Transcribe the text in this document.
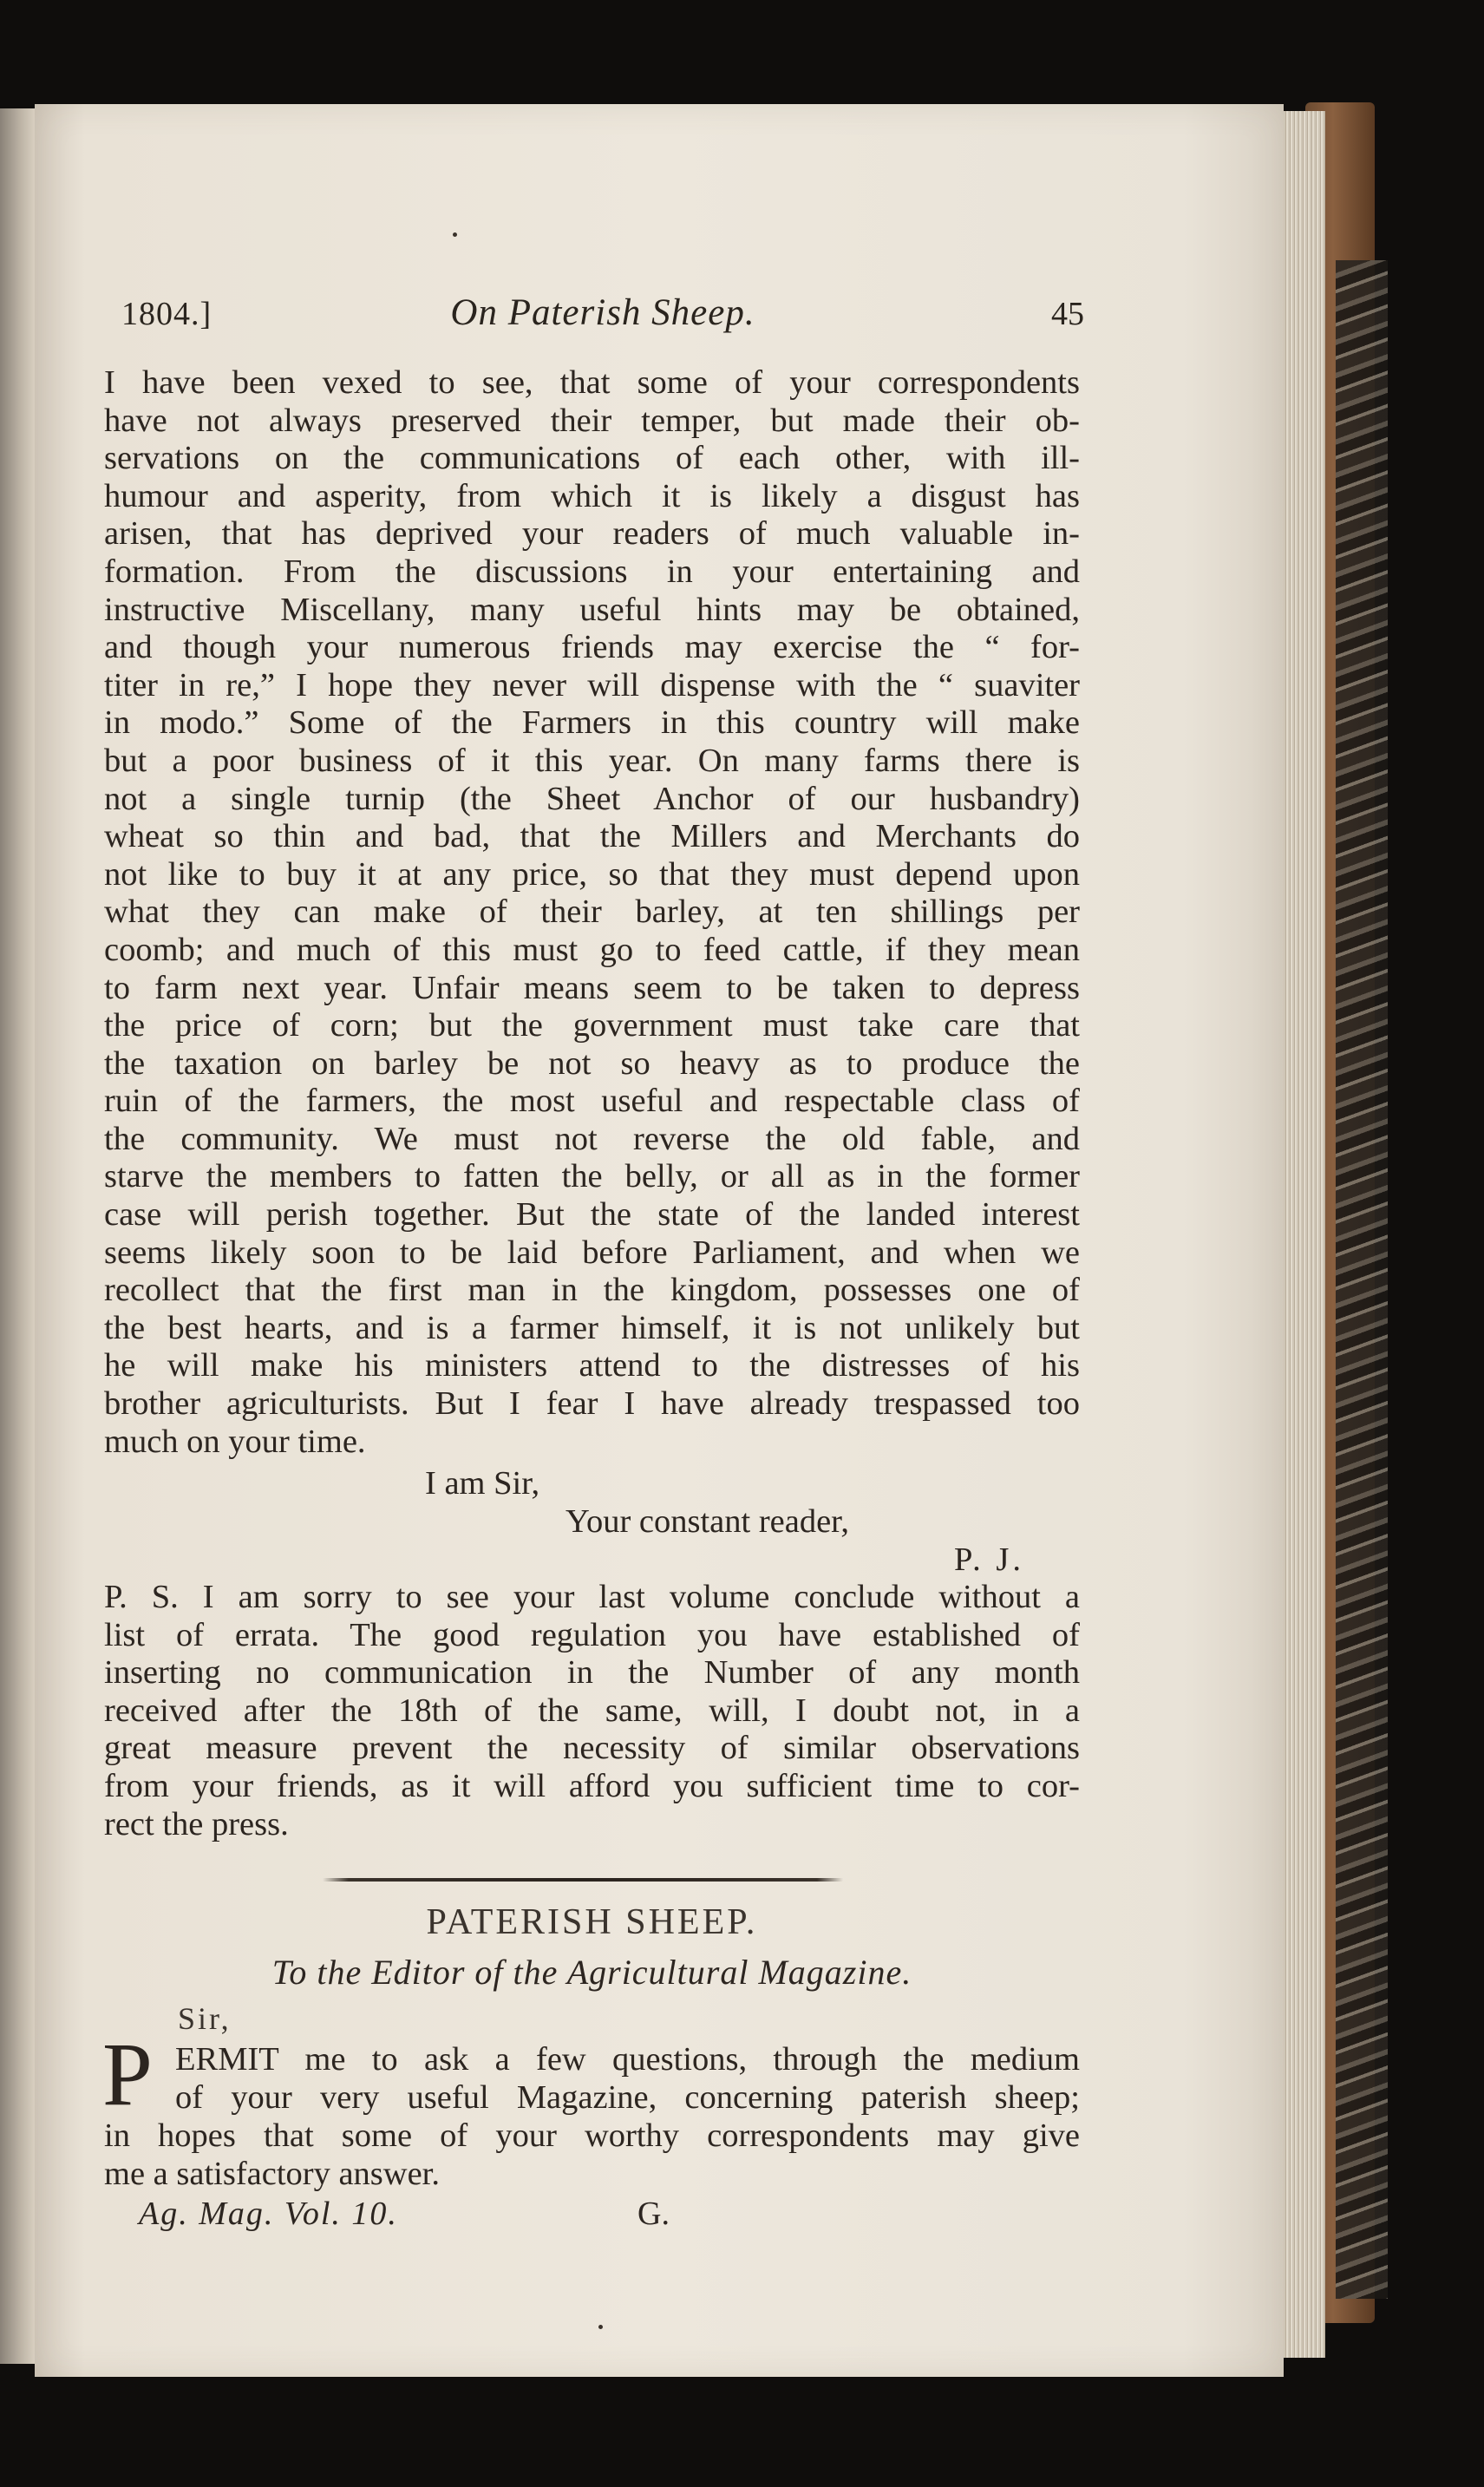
1804.]	On Paterish Sheep.	45
I have been vexed to see, that some of your correspondents
have not always preserved their temper, but made their ob-
servations on the communications of each other, with ill-
humour and asperity, from which it is likely a disgust has
arisen, that has deprived your readers of much valuable in-
formation. From the discussions in your entertaining and
instructive Miscellany, many useful hints may be obtained,
and though your numerous friends may exercise the “ for-
titer in re,” I hope they never will dispense with the “ suaviter
in modo.” Some of the Farmers in this country will make
but a poor business of it this year. On many farms there is
not a single turnip (the Sheet Anchor of our husbandry)
wheat so thin and bad, that the Millers and Merchants do
not like to buy it at any price, so that they must depend upon
what they can make of their barley, at ten shillings per
coomb; and much of this must go to feed cattle, if they mean
to farm next year. Unfair means seem to be taken to depress
the price of corn; but the government must take care that
the taxation on barley be not so heavy as to produce the
ruin of the farmers, the most useful and respectable class of
the community. We must not reverse the old fable, and
starve the members to fatten the belly, or all as in the former
case will perish together. But the state of the landed interest
seems likely soon to be laid before Parliament, and when we
recollect that the first man in the kingdom, possesses one of
the best hearts, and is a farmer himself, it is not unlikely but
he will make his ministers attend to the distresses of his
brother agriculturists. But I fear I have already trespassed too
much on your time.
I am Sir,
Your constant reader,
P. J.
P. S. I am sorry to see your last volume conclude without a
list of errata. The good regulation you have established of
inserting no communication in the Number of any month
received after the 18th of the same, will, I doubt not, in a
great measure prevent the necessity of similar observations
from your friends, as it will afford you sufficient time to cor-
rect the press.
PATERISH SHEEP.
To the Editor of the Agricultural Magazine.
Sir,
P ERMIT me to ask a few questions, through the medium
of your very useful Magazine, concerning paterish sheep;
in hopes that some of your worthy correspondents may give
me a satisfactory answer.
Ag. Mag. Vol. 10.	G.
